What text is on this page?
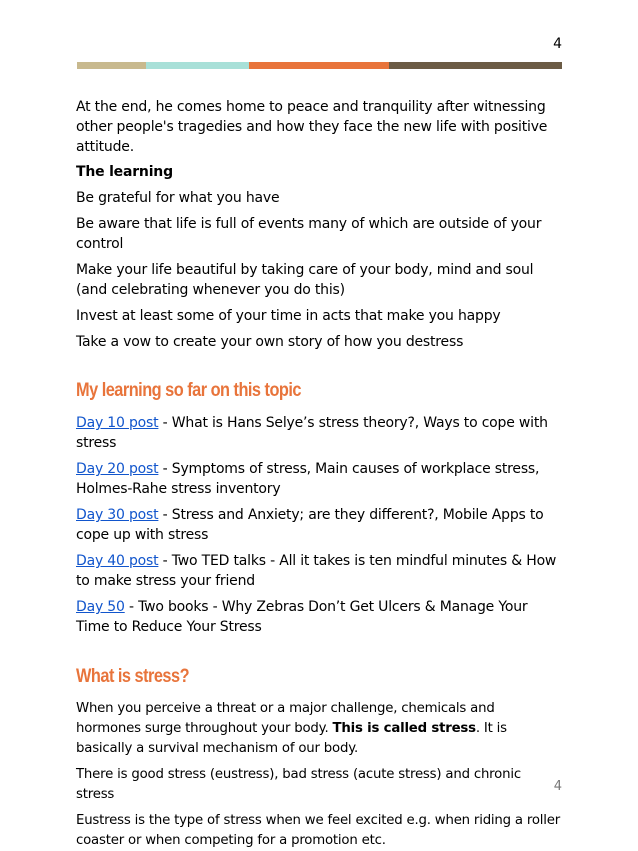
4

At the end, he comes home to peace and tranquility after witnessing other people's tragedies and how they face the new life with positive attitude.

The learning

Be grateful for what you have

Be aware that life is full of events many of which are outside of your control

Make your life beautiful by taking care of your body, mind and soul (and celebrating whenever you do this)

Invest at least some of your time in acts that make you happy

Take a vow to create your own story of how you destress

My learning so far on this topic

Day 10 post - What is Hans Selye’s stress theory?, Ways to cope with stress

Day 20 post - Symptoms of stress, Main causes of workplace stress, Holmes-Rahe stress inventory

Day 30 post - Stress and Anxiety; are they different?, Mobile Apps to cope up with stress

Day 40 post - Two TED talks - All it takes is ten mindful minutes & How to make stress your friend

Day 50 - Two books - Why Zebras Don’t Get Ulcers & Manage Your Time to Reduce Your Stress

What is stress?

When you perceive a threat or a major challenge, chemicals and hormones surge throughout your body. This is called stress. It is basically a survival mechanism of our body.

There is good stress (eustress), bad stress (acute stress) and chronic stress

Eustress is the type of stress when we feel excited e.g. when riding a roller coaster or when competing for a promotion etc.

4
